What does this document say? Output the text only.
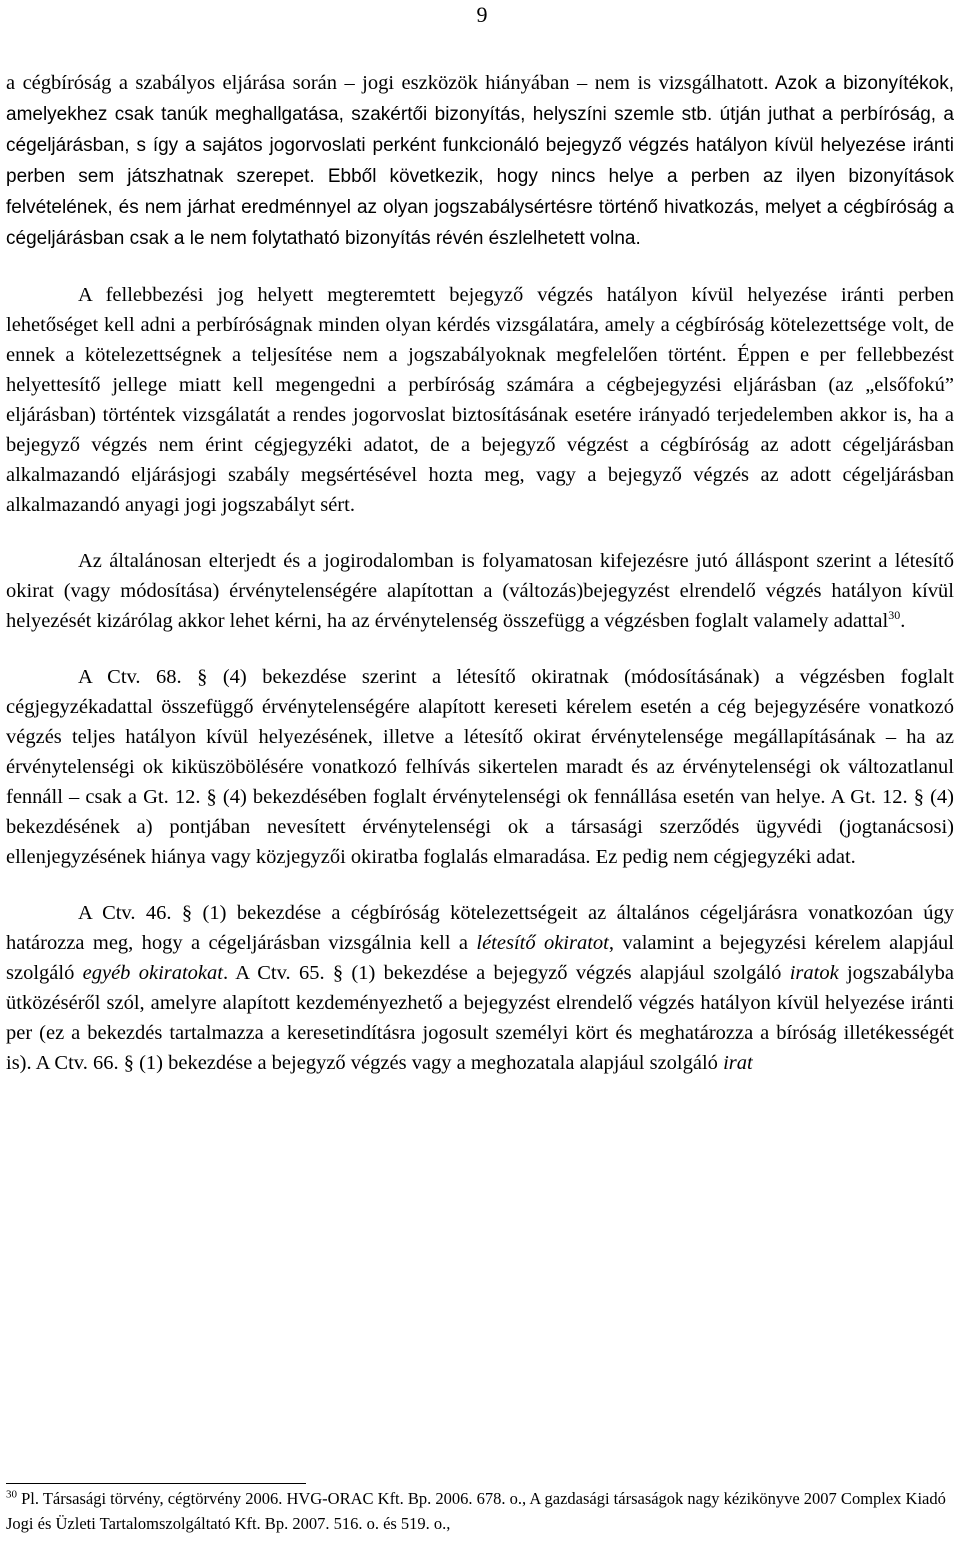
9

a cégbíróság a szabályos eljárása során – jogi eszközök hiányában – nem is vizsgálhatott. Azok a bizonyítékok, amelyekhez csak tanúk meghallgatása, szakértői bizonyítás, helyszíni szemle stb. útján juthat a perbíróság, a cégeljárásban, s így a sajátos jogorvoslati perként funkcionáló bejegyző végzés hatályon kívül helyezése iránti perben sem játszhatnak szerepet. Ebből következik, hogy nincs helye a perben az ilyen bizonyítások felvételének, és nem járhat eredménnyel az olyan jogszabálysértésre történő hivatkozás, melyet a cégbíróság a cégeljárásban csak a le nem folytatható bizonyítás révén észlelhetett volna.

A fellebbezési jog helyett megteremtett bejegyző végzés hatályon kívül helyezése iránti perben lehetőséget kell adni a perbíróságnak minden olyan kérdés vizsgálatára, amely a cégbíróság kötelezettsége volt, de ennek a kötelezettségnek a teljesítése nem a jogszabályoknak megfelelően történt. Éppen e per fellebbezést helyettesítő jellege miatt kell megengedni a perbíróság számára a cégbejegyzési eljárásban (az „elsőfokú” eljárásban) történtek vizsgálatát a rendes jogorvoslat biztosításának esetére irányadó terjedelemben akkor is, ha a bejegyző végzés nem érint cégjegyzéki adatot, de a bejegyző végzést a cégbíróság az adott cégeljárásban alkalmazandó eljárásjogi szabály megsértésével hozta meg, vagy a bejegyző végzés az adott cégeljárásban alkalmazandó anyagi jogi jogszabályt sért.

Az általánosan elterjedt és a jogirodalomban is folyamatosan kifejezésre jutó álláspont szerint a létesítő okirat (vagy módosítása) érvénytelenségére alapítottan a (változás)bejegyzést elrendelő végzés hatályon kívül helyezését kizárólag akkor lehet kérni, ha az érvénytelenség összefügg a végzésben foglalt valamely adattal$^{30}$.

A Ctv. 68. § (4) bekezdése szerint a létesítő okiratnak (módosításának) a végzésben foglalt cégjegyzékadattal összefüggő érvénytelenségére alapított kereseti kérelem esetén a cég bejegyzésére vonatkozó végzés teljes hatályon kívül helyezésének, illetve a létesítő okirat érvénytelensége megállapításának – ha az érvénytelenségi ok kiküszöbölésére vonatkozó felhívás sikertelen maradt és az érvénytelenségi ok változatlanul fennáll – csak a Gt. 12. § (4) bekezdésében foglalt érvénytelenségi ok fennállása esetén van helye. A Gt. 12. § (4) bekezdésének a) pontjában nevesített érvénytelenségi ok a társasági szerződés ügyvédi (jogtanácsosi) ellenjegyzésének hiánya vagy közjegyzői okiratba foglalás elmaradása. Ez pedig nem cégjegyzéki adat.

A Ctv. 46. § (1) bekezdése a cégbíróság kötelezettségeit az általános cégeljárásra vonatkozóan úgy határozza meg, hogy a cégeljárásban vizsgálnia kell a létesítő okiratot, valamint a bejegyzési kérelem alapjául szolgáló egyéb okiratokat. A Ctv. 65. § (1) bekezdése a bejegyző végzés alapjául szolgáló iratok jogszabályba ütközéséről szól, amelyre alapított kezdeményezhető a bejegyzést elrendelő végzés hatályon kívül helyezése iránti per (ez a bekezdés tartalmazza a keresetindításra jogosult személyi kört és meghatározza a bíróság illetékességét is). A Ctv. 66. § (1) bekezdése a bejegyző végzés vagy a meghozatala alapjául szolgáló irat

$^{30}$ Pl. Társasági törvény, cégtörvény 2006. HVG-ORAC Kft. Bp. 2006. 678. o., A gazdasági társaságok nagy kézikönyve 2007 Complex Kiadó Jogi és Üzleti Tartalomszolgáltató Kft. Bp. 2007. 516. o. és 519. o.,
